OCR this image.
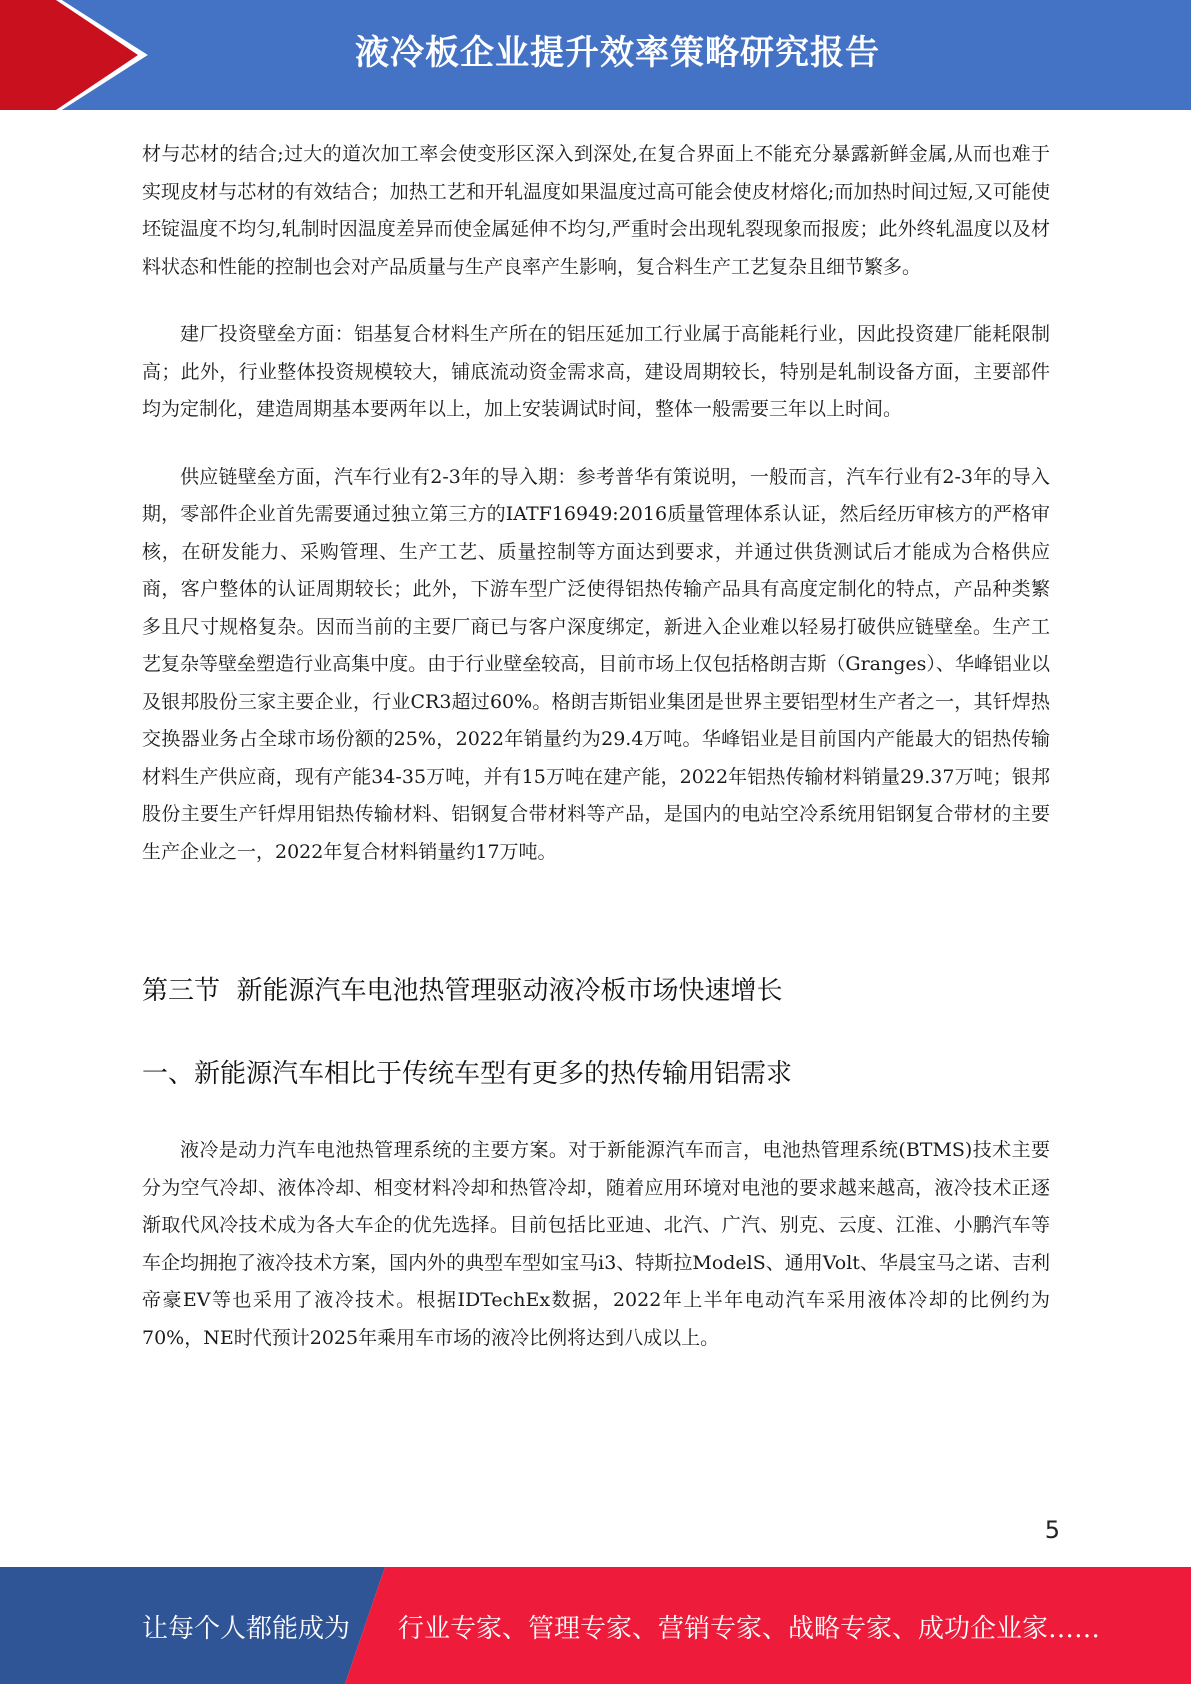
液冷板企业提升效率策略研究报告

材与芯材的结合;过大的道次加工率会使变形区深入到深处,在复合界面上不能充分暴露新鲜金属,从而也难于实现皮材与芯材的有效结合；加热工艺和开轧温度如果温度过高可能会使皮材熔化;而加热时间过短,又可能使坯锭温度不均匀,轧制时因温度差异而使金属延伸不均匀,严重时会出现轧裂现象而报废；此外终轧温度以及材料状态和性能的控制也会对产品质量与生产良率产生影响，复合料生产工艺复杂且细节繁多。

建厂投资壁垒方面：铝基复合材料生产所在的铝压延加工行业属于高能耗行业，因此投资建厂能耗限制高；此外，行业整体投资规模较大，铺底流动资金需求高，建设周期较长，特别是轧制设备方面，主要部件均为定制化，建造周期基本要两年以上，加上安装调试时间，整体一般需要三年以上时间。

供应链壁垒方面，汽车行业有2-3年的导入期：参考普华有策说明，一般而言，汽车行业有2-3年的导入期，零部件企业首先需要通过独立第三方的IATF16949:2016质量管理体系认证，然后经历审核方的严格审核，在研发能力、采购管理、生产工艺、质量控制等方面达到要求，并通过供货测试后才能成为合格供应商，客户整体的认证周期较长；此外，下游车型广泛使得铝热传输产品具有高度定制化的特点，产品种类繁多且尺寸规格复杂。因而当前的主要厂商已与客户深度绑定，新进入企业难以轻易打破供应链壁垒。生产工艺复杂等壁垒塑造行业高集中度。由于行业壁垒较高，目前市场上仅包括格朗吉斯（Granges）、华峰铝业以及银邦股份三家主要企业，行业CR3超过60%。格朗吉斯铝业集团是世界主要铝型材生产者之一，其钎焊热交换器业务占全球市场份额的25%，2022年销量约为29.4万吨。华峰铝业是目前国内产能最大的铝热传输材料生产供应商，现有产能34-35万吨，并有15万吨在建产能，2022年铝热传输材料销量29.37万吨；银邦股份主要生产钎焊用铝热传输材料、铝钢复合带材料等产品，是国内的电站空冷系统用铝钢复合带材的主要生产企业之一，2022年复合材料销量约17万吨。

第三节  新能源汽车电池热管理驱动液冷板市场快速增长
一、新能源汽车相比于传统车型有更多的热传输用铝需求

液冷是动力汽车电池热管理系统的主要方案。对于新能源汽车而言，电池热管理系统(BTMS)技术主要分为空气冷却、液体冷却、相变材料冷却和热管冷却，随着应用环境对电池的要求越来越高，液冷技术正逐渐取代风冷技术成为各大车企的优先选择。目前包括比亚迪、北汽、广汽、别克、云度、江淮、小鹏汽车等车企均拥抱了液冷技术方案，国内外的典型车型如宝马i3、特斯拉ModelS、通用Volt、华晨宝马之诺、吉利帝豪EV等也采用了液冷技术。根据IDTechEx数据，2022年上半年电动汽车采用液体冷却的比例约为70%，NE时代预计2025年乘用车市场的液冷比例将达到八成以上。

5
让每个人都能成为 行业专家、管理专家、营销专家、战略专家、成功企业家……
